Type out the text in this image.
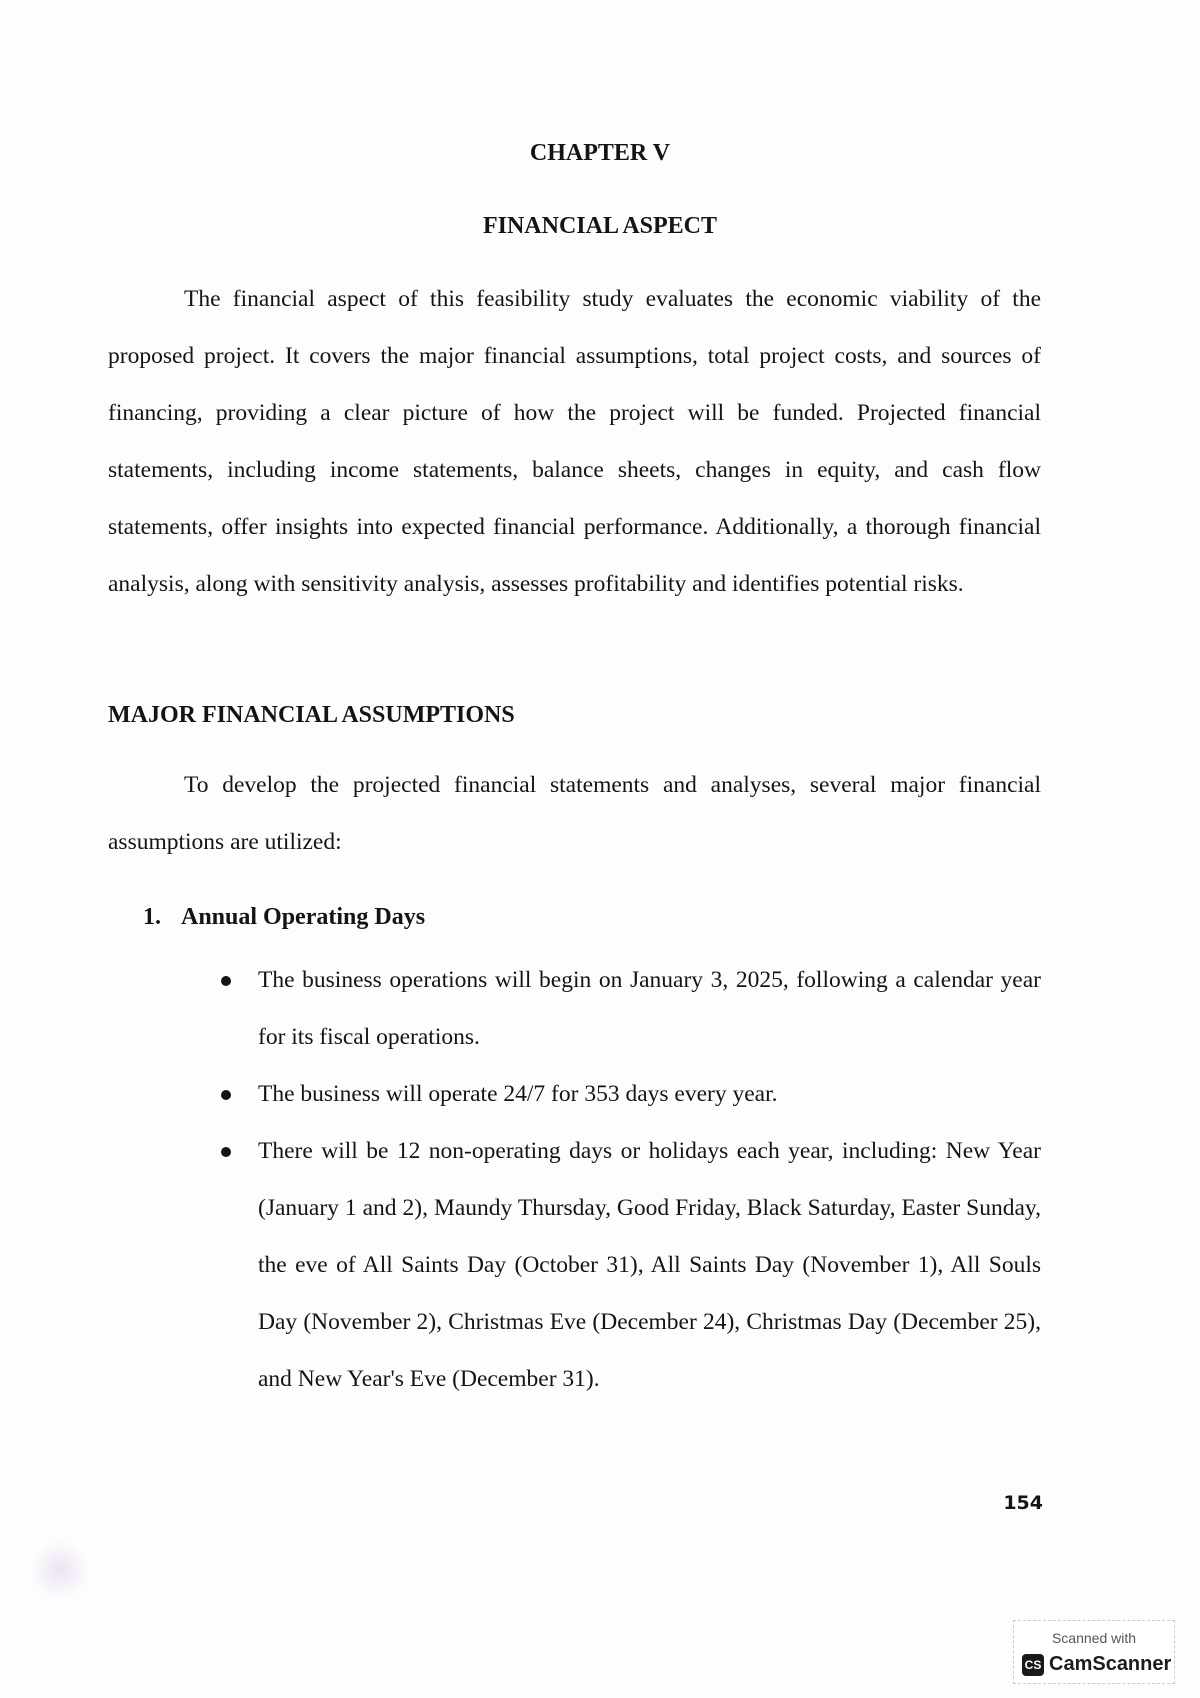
CHAPTER V
FINANCIAL ASPECT

The financial aspect of this feasibility study evaluates the economic viability of the proposed project. It covers the major financial assumptions, total project costs, and sources of financing, providing a clear picture of how the project will be funded. Projected financial statements, including income statements, balance sheets, changes in equity, and cash flow statements, offer insights into expected financial performance. Additionally, a thorough financial analysis, along with sensitivity analysis, assesses profitability and identifies potential risks.

MAJOR FINANCIAL ASSUMPTIONS

To develop the projected financial statements and analyses, several major financial assumptions are utilized:

1. Annual Operating Days
The business operations will begin on January 3, 2025, following a calendar year for its fiscal operations.
The business will operate 24/7 for 353 days every year.
There will be 12 non-operating days or holidays each year, including: New Year (January 1 and 2), Maundy Thursday, Good Friday, Black Saturday, Easter Sunday, the eve of All Saints Day (October 31), All Saints Day (November 1), All Souls Day (November 2), Christmas Eve (December 24), Christmas Day (December 25), and New Year's Eve (December 31).
154
Scanned with
CS CamScanner
